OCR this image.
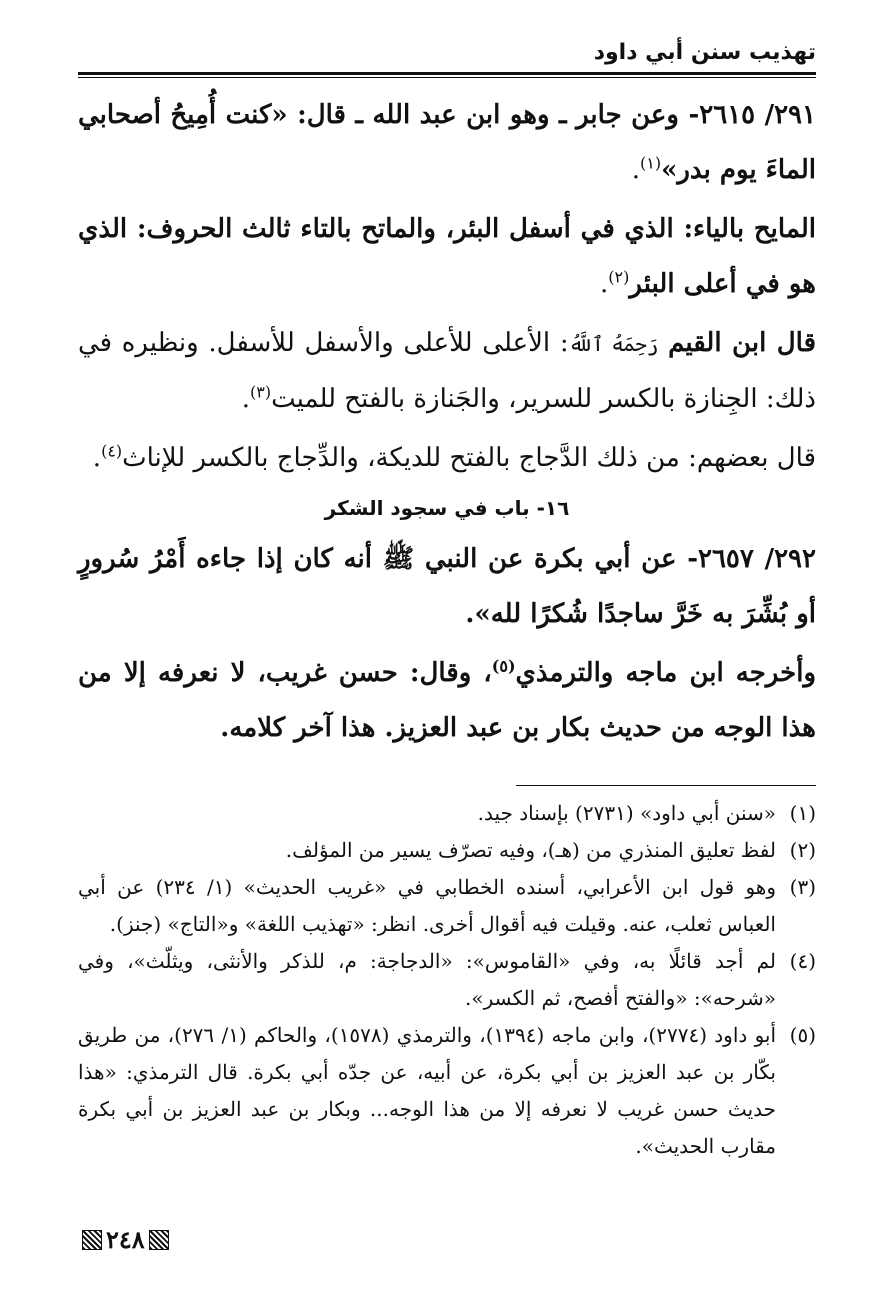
تهذيب سنن أبي داود

٢٩١/ ٢٦١٥- وعن جابر ـ وهو ابن عبد الله ـ قال: «كنت أُمِيحُ أصحابي الماءَ يوم بدر»$^{(١)}$.

المايح بالياء: الذي في أسفل البئر، والماتح بالتاء ثالث الحروف: الذي هو في أعلى البئر$^{(٢)}$.

قال ابن القيم رَحِمَهُ ٱللَّهُ: الأعلى للأعلى والأسفل للأسفل. ونظيره في ذلك: الجِنازة بالكسر للسرير، والجَنازة بالفتح للميت$^{(٣)}$.

قال بعضهم: من ذلك الدَّجاج بالفتح للديكة، والدِّجاج بالكسر للإناث$^{(٤)}$.

١٦- باب في سجود الشكر

٢٩٢/ ٢٦٥٧- عن أبي بكرة عن النبي ﷺ أنه كان إذا جاءه أَمْرُ سُرورٍ أو بُشِّرَ به خَرَّ ساجدًا شُكرًا لله».

وأخرجه ابن ماجه والترمذي$^{(٥)}$، وقال: حسن غريب، لا نعرفه إلا من هذا الوجه من حديث بكار بن عبد العزيز. هذا آخر كلامه.

(١)
«سنن أبي داود» (٢٧٣١) بإسناد جيد.
(٢)
لفظ تعليق المنذري من (هـ)، وفيه تصرّف يسير من المؤلف.
(٣)
وهو قول ابن الأعرابي، أسنده الخطابي في «غريب الحديث» (١/ ٢٣٤) عن أبي العباس ثعلب، عنه. وقيلت فيه أقوال أخرى. انظر: «تهذيب اللغة» و«التاج» (جنز).
(٤)
لم أجد قائلًا به، وفي «القاموس»: «الدجاجة: م، للذكر والأنثى، ويثلّث»، وفي «شرحه»: «والفتح أفصح، ثم الكسر».
(٥)
أبو داود (٢٧٧٤)، وابن ماجه (١٣٩٤)، والترمذي (١٥٧٨)، والحاكم (١/ ٢٧٦)، من طريق بكّار بن عبد العزيز بن أبي بكرة، عن أبيه، عن جدّه أبي بكرة. قال الترمذي: «هذا حديث حسن غريب لا نعرفه إلا من هذا الوجه... وبكار بن عبد العزيز بن أبي بكرة مقارب الحديث».
٢٤٨
